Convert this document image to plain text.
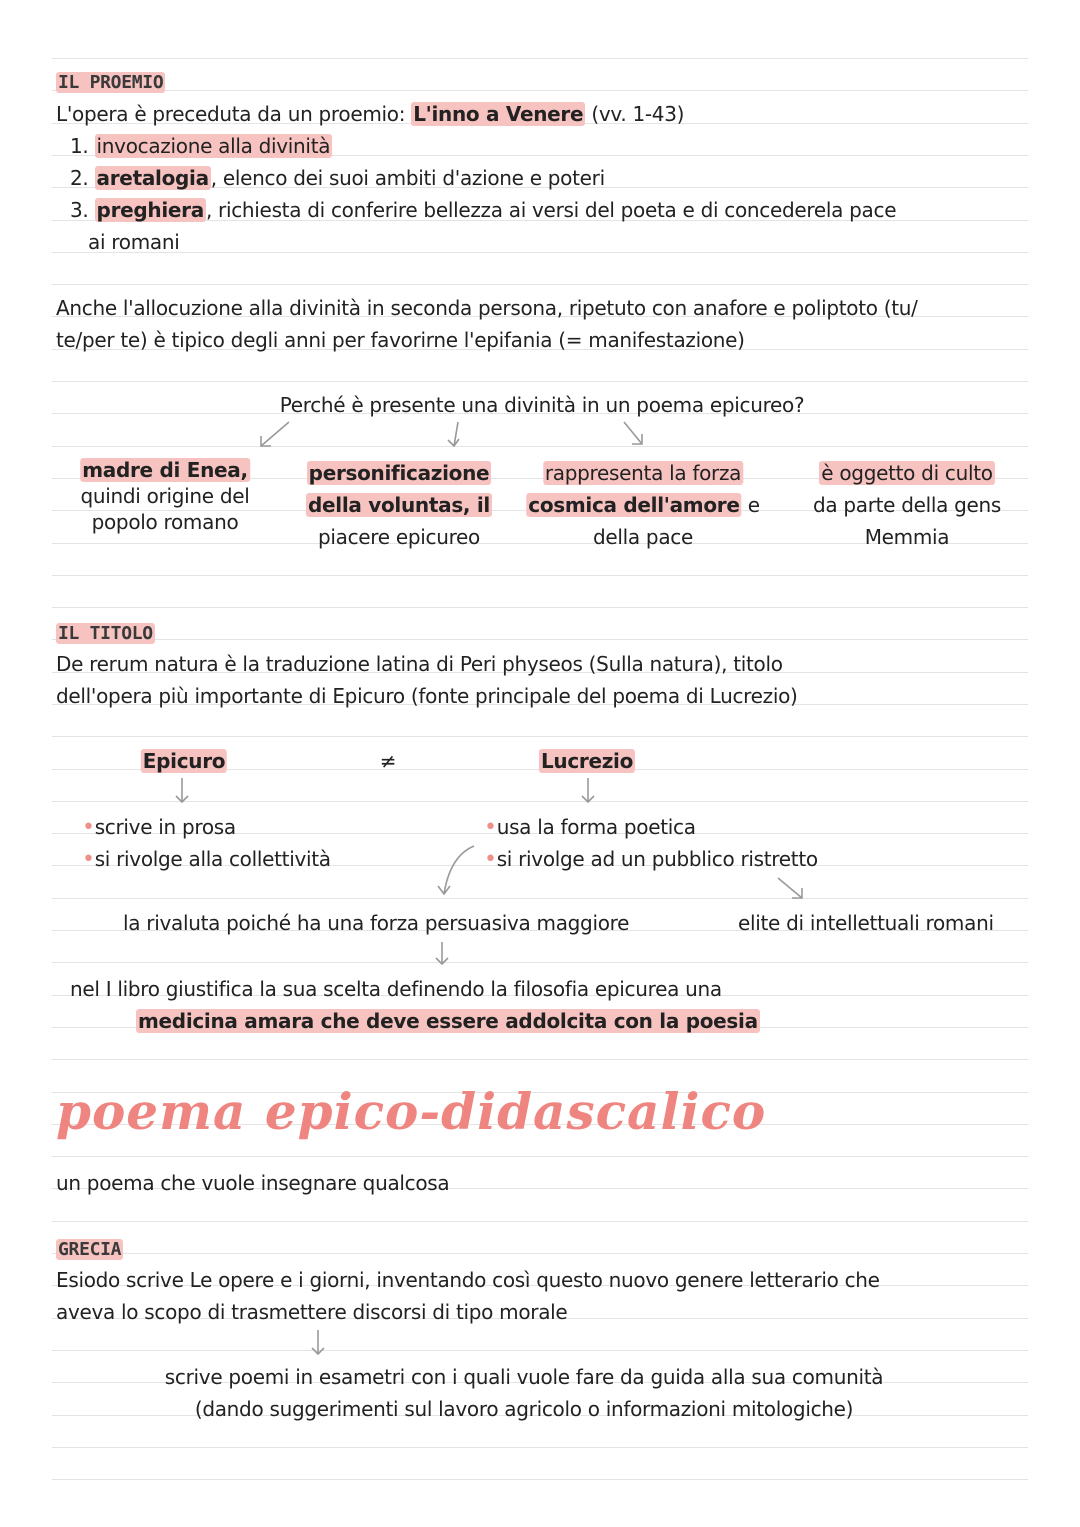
IL PROEMIO
L'opera è preceduta da un proemio: L'inno a Venere (vv. 1-43)
1. invocazione alla divinità
2. aretalogia , elenco dei suoi ambiti d'azione e poteri
3. preghiera , richiesta di conferire bellezza ai versi del poeta e di concederela pace
ai romani
Anche l'allocuzione alla divinità in seconda persona, ripetuto con anafore e poliptoto (tu/
te/per te) è tipico degli anni per favorirne l'epifania (= manifestazione)
Perché è presente una divinità in un poema epicureo?
madre di Enea,
quindi origine del
popolo romano
personificazione
della voluntas, il
piacere epicureo
rappresenta la forza
cosmica dell'amore e
della pace
è oggetto di culto
da parte della gens
Memmia
IL TITOLO
De rerum natura è la traduzione latina di Peri physeos (Sulla natura), titolo
dell'opera più importante di Epicuro (fonte principale del poema di Lucrezio)
Epicuro	≠	Lucrezio
•scrive in prosa
•si rivolge alla collettività
•usa la forma poetica
•si rivolge ad un pubblico ristretto
la rivaluta poiché ha una forza persuasiva maggiore	elite di intellettuali romani
nel I libro giustifica la sua scelta definendo la filosofia epicurea una
medicina amara che deve essere addolcita con la poesia
poema epico-didascalico
un poema che vuole insegnare qualcosa
GRECIA
Esiodo scrive Le opere e i giorni, inventando così questo nuovo genere letterario che
aveva lo scopo di trasmettere discorsi di tipo morale
scrive poemi in esametri con i quali vuole fare da guida alla sua comunità
(dando suggerimenti sul lavoro agricolo o informazioni mitologiche)
